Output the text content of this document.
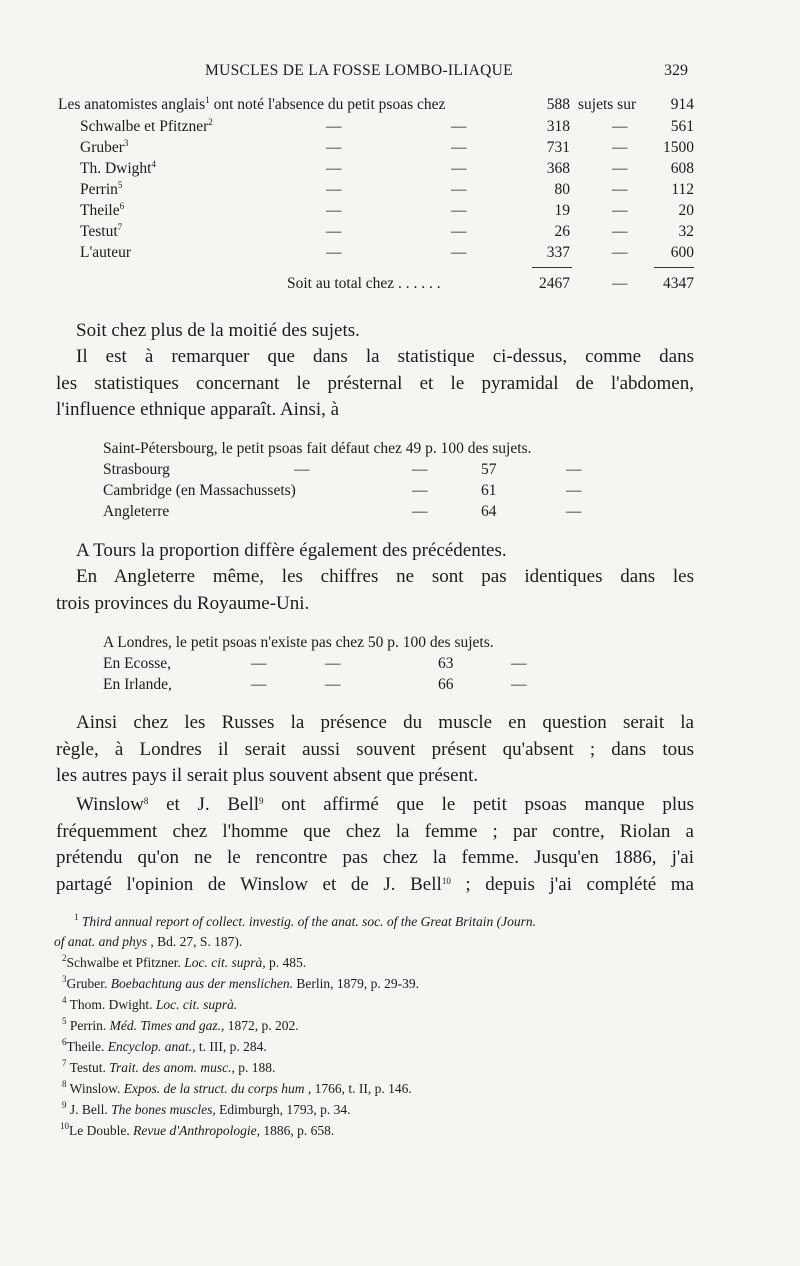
MUSCLES DE LA FOSSE LOMBO-ILIAQUE	329
Les anatomistes anglais$^1$ ont noté l'absence du petit psoas chez	588 sujets sur	914
Schwalbe et Pfitzner$^2$	—	—	318	—	561
Gruber$^3$	—	—	731	—	1500
Th. Dwight$^4$	—	—	368	—	608
Perrin$^5$	—	—	80	—	112
Theile$^6$	—	—	19	—	20
Testut$^7$	—	—	26	—	32
L'auteur	—	—	337	—	600
Soit au total chez . . . . . .	2467	—	4347
Soit chez plus de la moitié des sujets.
Il est à remarquer que dans la statistique ci-dessus, comme dans
les statistiques concernant le présternal et le pyramidal de l'abdomen,
l'influence ethnique apparaît. Ainsi, à
Saint-Pétersbourg, le petit psoas fait défaut chez 49 p. 100 des sujets.
Strasbourg	—	—	57	—
Cambridge (en Massachussets)	—	61	—
Angleterre	—	64	—
A Tours la proportion diffère également des précédentes.
En Angleterre même, les chiffres ne sont pas identiques dans les
trois provinces du Royaume-Uni.
A Londres, le petit psoas n'existe pas chez 50 p. 100 des sujets.
En Ecosse,	—	—	63	—
En Irlande,	—	—	66	—
Ainsi chez les Russes la présence du muscle en question serait la
règle, à Londres il serait aussi souvent présent qu'absent ; dans tous
les autres pays il serait plus souvent absent que présent.
Winslow$^8$ et J. Bell$^9$ ont affirmé que le petit psoas manque plus
fréquemment chez l'homme que chez la femme ; par contre, Riolan a
prétendu qu'on ne le rencontre pas chez la femme. Jusqu'en 1886, j'ai
partagé l'opinion de Winslow et de J. Bell$^{10}$ ; depuis j'ai complété ma
$^1$ Third annual report of collect. investig. of the anat. soc. of the Great Britain (Journ.
of anat. and phys , Bd. 27, S. 187).
$^2$Schwalbe et Pfitzner. Loc. cit. suprà, p. 485.
$^3$Gruber. Boebachtung aus der menslichen. Berlin, 1879, p. 29-39.
$^4$ Thom. Dwight. Loc. cit. suprà.
$^5$ Perrin. Méd. Times and gaz., 1872, p. 202.
$^6$Theile. Encyclop. anat., t. III, p. 284.
$^7$ Testut. Trait. des anom. musc., p. 188.
$^8$ Winslow. Expos. de la struct. du corps hum , 1766, t. II, p. 146.
$^9$ J. Bell. The bones muscles, Edimburgh, 1793, p. 34.
$^{10}$Le Double. Revue d'Anthropologie, 1886, p. 658.
